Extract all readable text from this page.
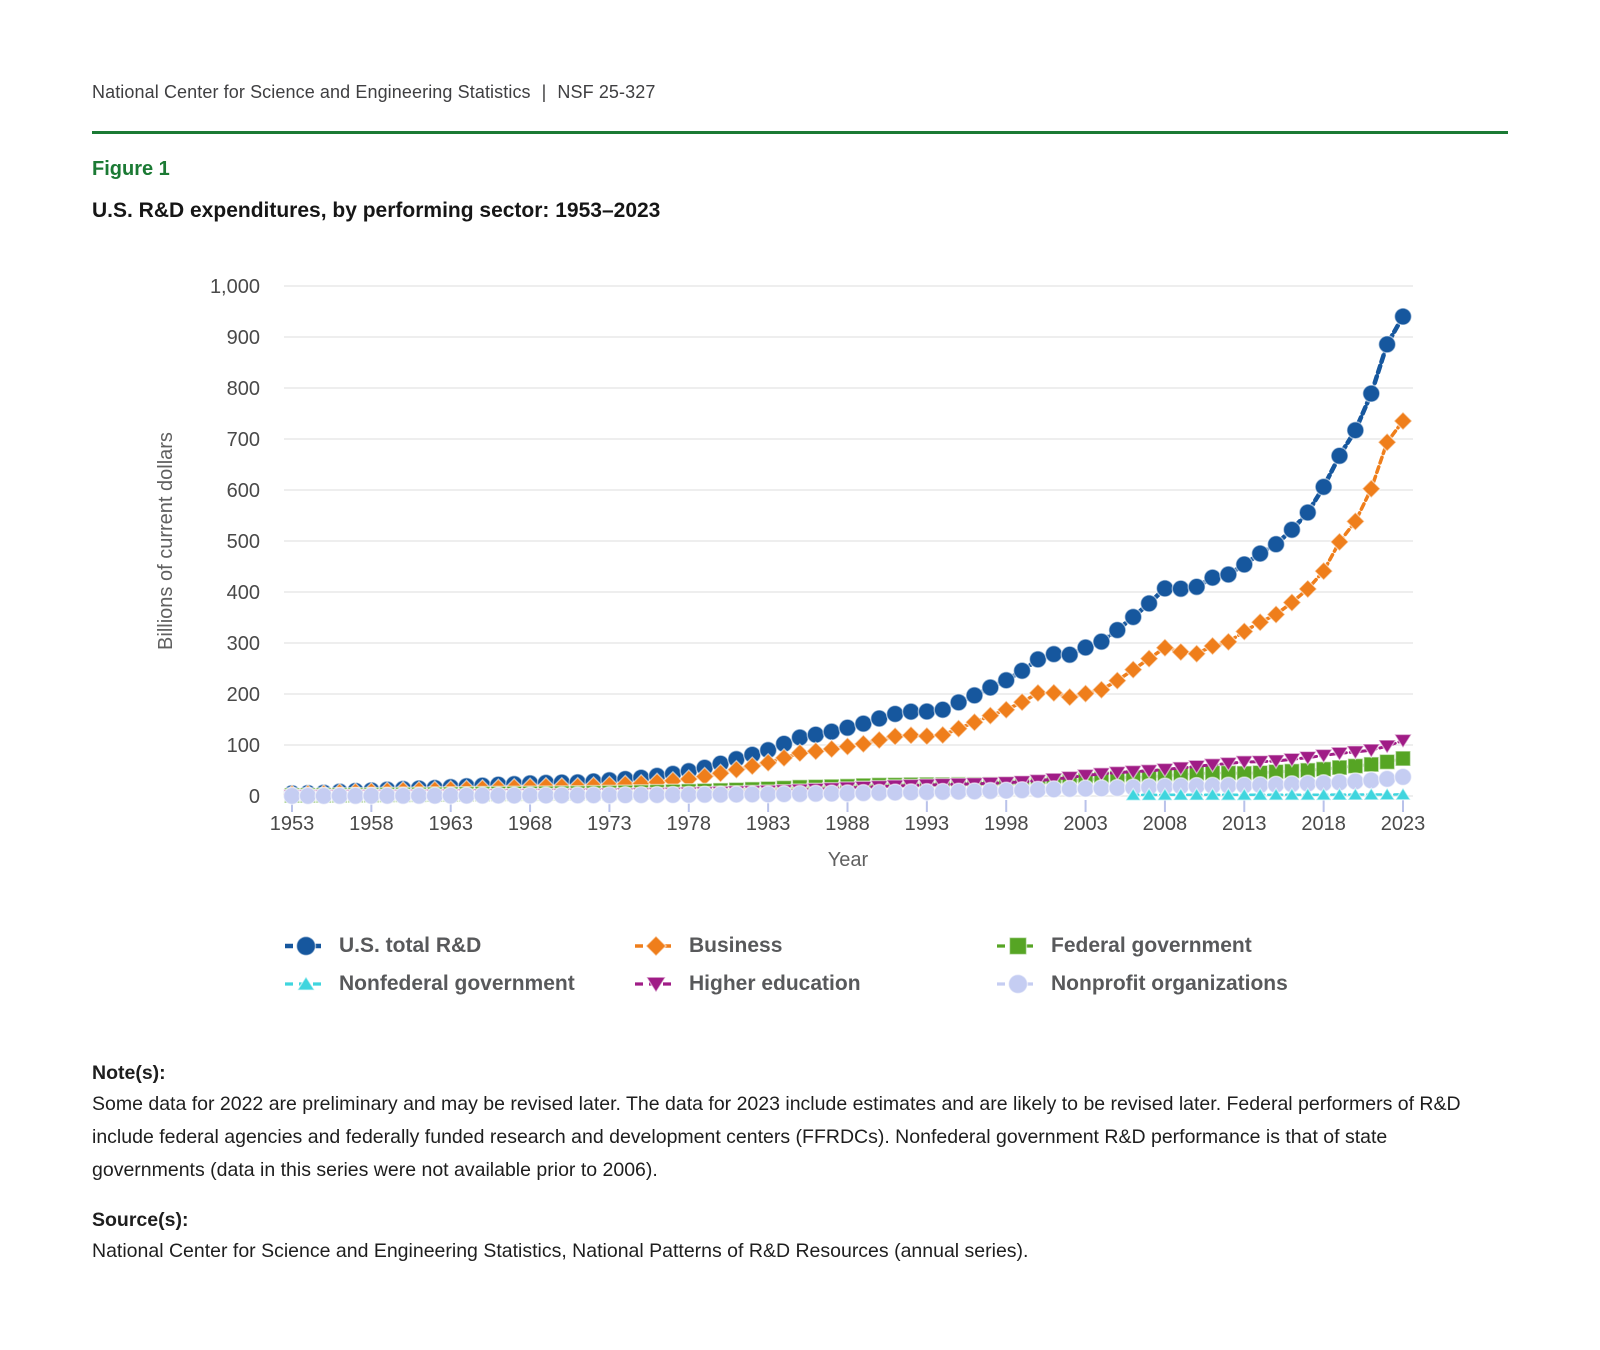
National Center for Science and Engineering Statistics | NSF 25-327
Figure 1
U.S. R&D expenditures, by performing sector: 1953–2023
0
100
200
300
400
500
600
700
800
900
1,000
1953 1958 1963 1968 1973 1978 1983 1988 1993 1998 2003 2008 2013 2018 2023
Billions of current dollars
Year
U.S. total R&D	Business	Federal government
Nonfederal government	Higher education	Nonprofit organizations

Note(s):

Some data for 2022 are preliminary and may be revised later. The data for 2023 include estimates and are likely to be revised later. Federal performers of R&D include federal agencies and federally funded research and development centers (FFRDCs). Nonfederal government R&D performance is that of state governments (data in this series were not available prior to 2006).

Source(s):

National Center for Science and Engineering Statistics, National Patterns of R&D Resources (annual series).
